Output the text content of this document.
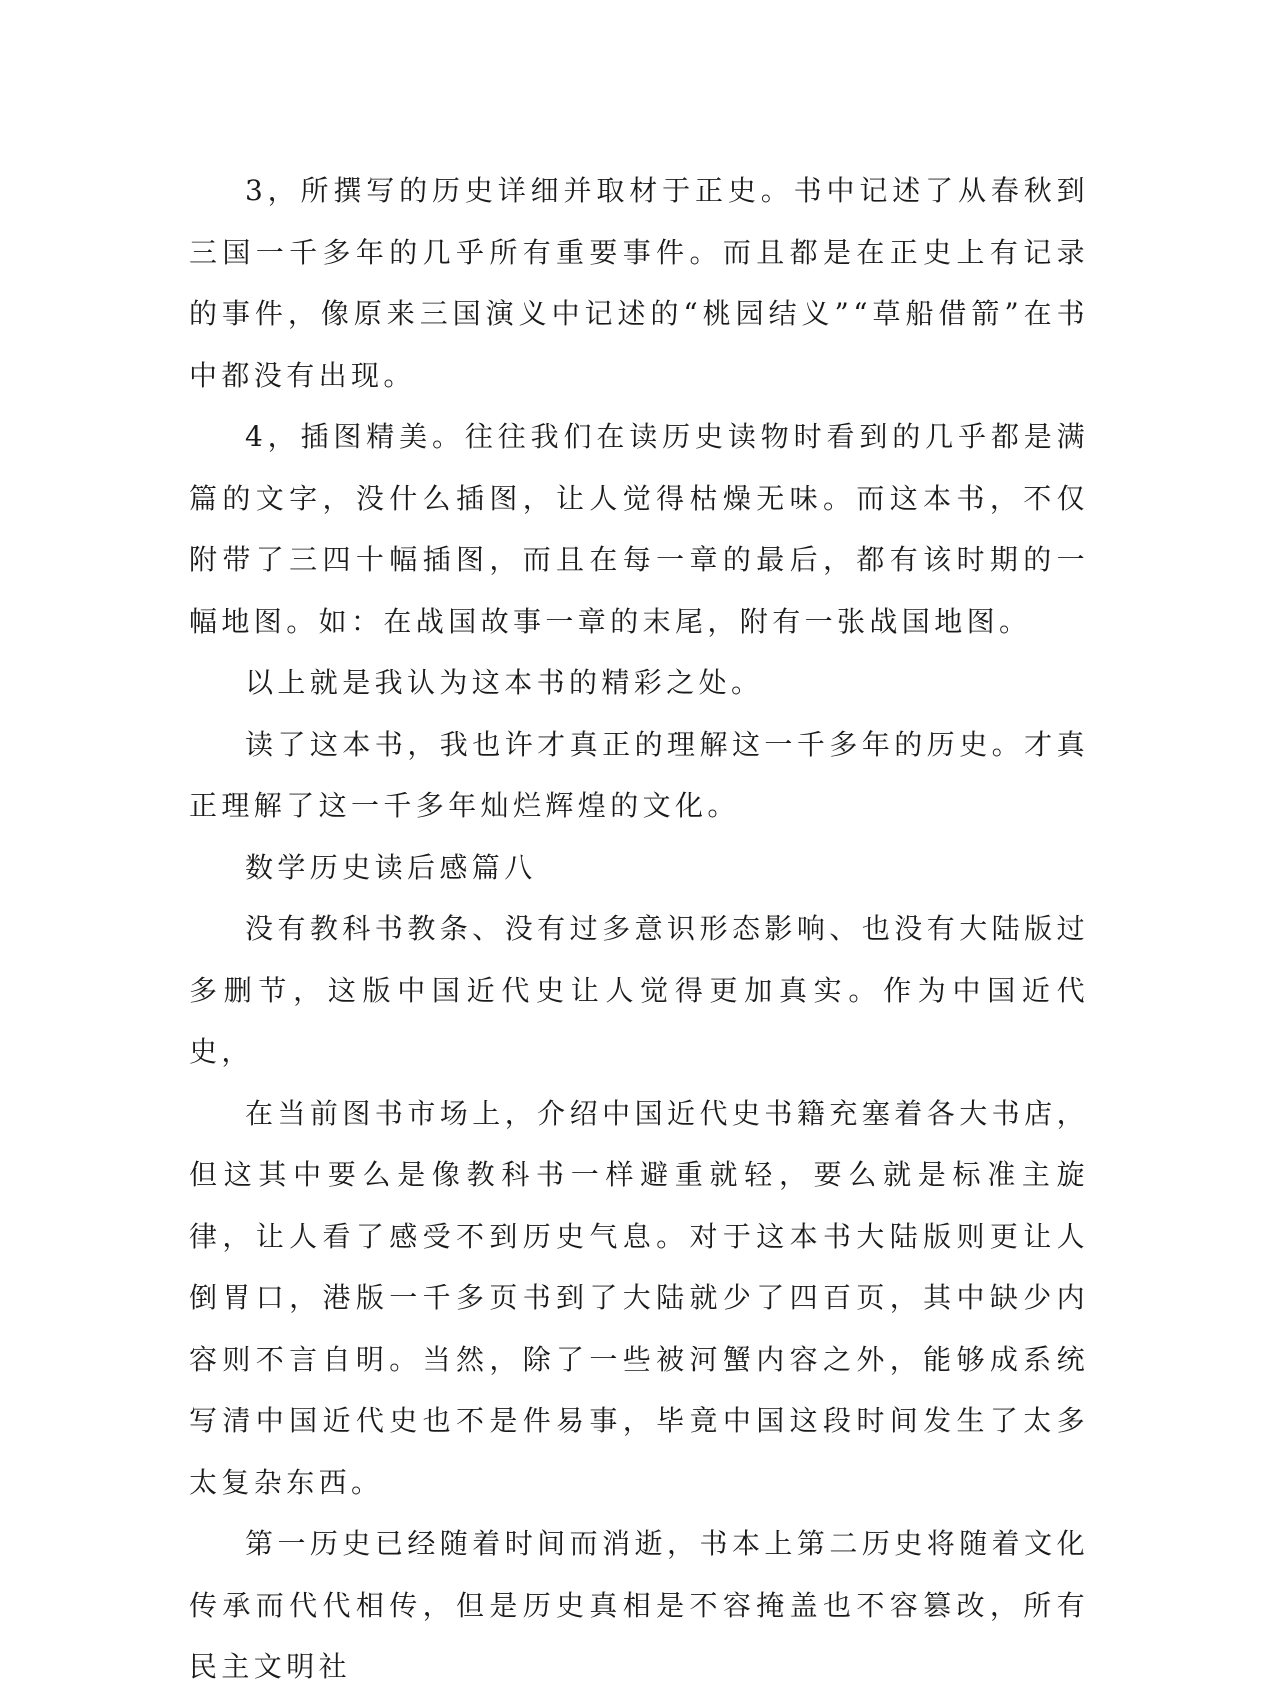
3，所撰写的历史详细并取材于正史。书中记述了从春秋到三国一千多年的几乎所有重要事件。而且都是在正史上有记录的事件，像原来三国演义中记述的“桃园结义”“草船借箭”在书中都没有出现。

4，插图精美。往往我们在读历史读物时看到的几乎都是满篇的文字，没什么插图，让人觉得枯燥无味。而这本书，不仅附带了三四十幅插图，而且在每一章的最后，都有该时期的一幅地图。如：在战国故事一章的末尾，附有一张战国地图。

以上就是我认为这本书的精彩之处。

读了这本书，我也许才真正的理解这一千多年的历史。才真正理解了这一千多年灿烂辉煌的文化。

数学历史读后感篇八

没有教科书教条、没有过多意识形态影响、也没有大陆版过多删节，这版中国近代史让人觉得更加真实。作为中国近代史，

在当前图书市场上，介绍中国近代史书籍充塞着各大书店，但这其中要么是像教科书一样避重就轻，要么就是标准主旋律，让人看了感受不到历史气息。对于这本书大陆版则更让人倒胃口，港版一千多页书到了大陆就少了四百页，其中缺少内容则不言自明。当然，除了一些被河蟹内容之外，能够成系统写清中国近代史也不是件易事，毕竟中国这段时间发生了太多太复杂东西。

第一历史已经随着时间而消逝，书本上第二历史将随着文化传承而代代相传，但是历史真相是不容掩盖也不容篡改，所有民主文明社
